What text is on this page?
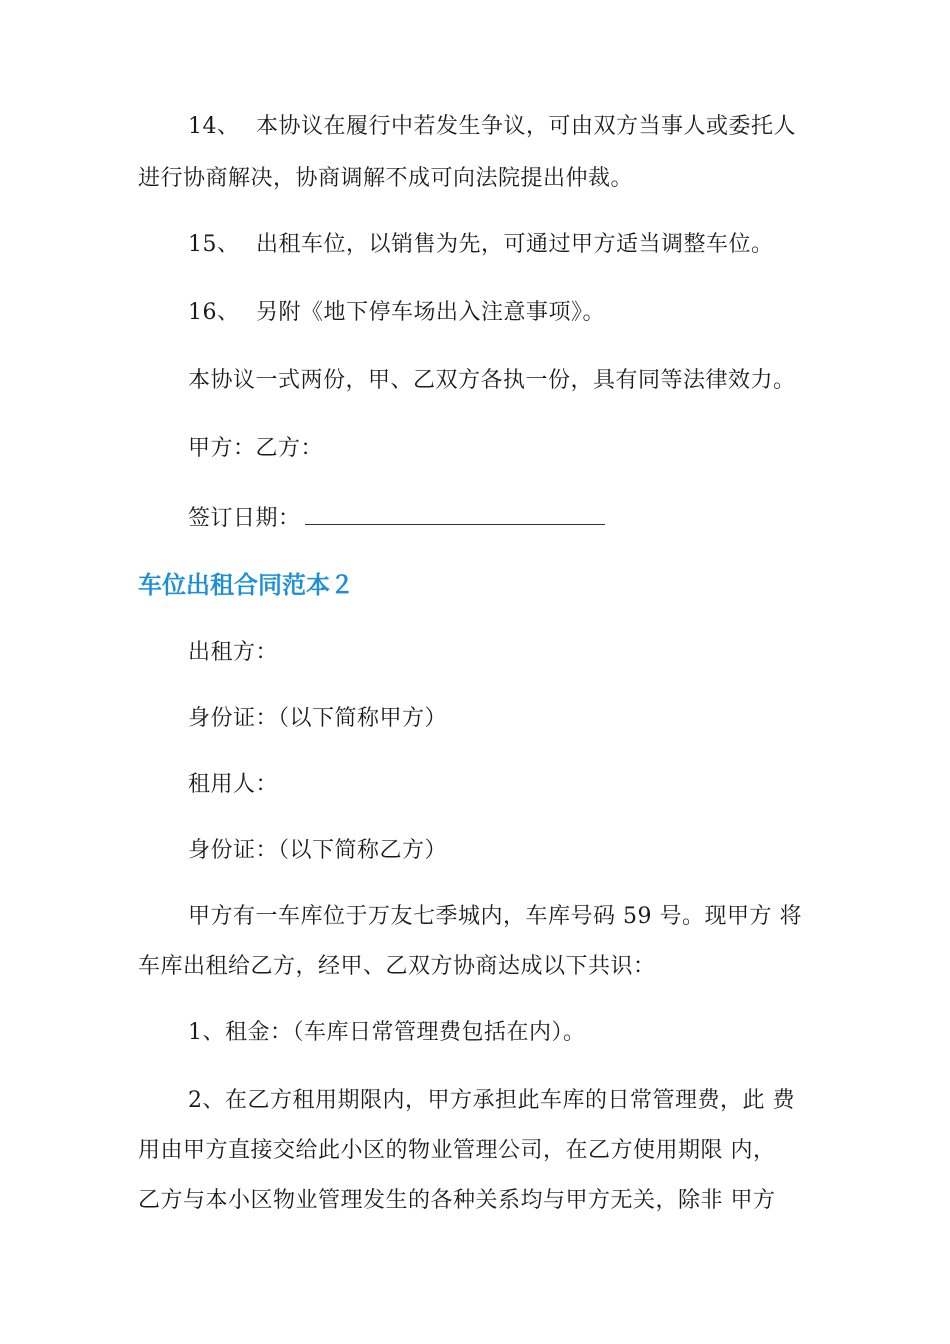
14、 本协议在履行中若发生争议，可由双方当事人或委托人
进行协商解决，协商调解不成可向法院提出仲裁。
15、 出租车位，以销售为先，可通过甲方适当调整车位。
16、 另附《地下停车场出入注意事项》。
本协议一式两份，甲、乙双方各执一份，具有同等法律效力。
甲方：乙方：
签订日期：
车位出租合同范本２
出租方：
身份证：（以下简称甲方）
租用人：
身份证：（以下简称乙方）
甲方有一车库位于万友七季城内，车库号码 59 号。现甲方 将
车库出租给乙方，经甲、乙双方协商达成以下共识：
1、租金：（车库日常管理费包括在内）。
2、在乙方租用期限内，甲方承担此车库的日常管理费，此 费
用由甲方直接交给此小区的物业管理公司，在乙方使用期限 内，
乙方与本小区物业管理发生的各种关系均与甲方无关，除非 甲方
